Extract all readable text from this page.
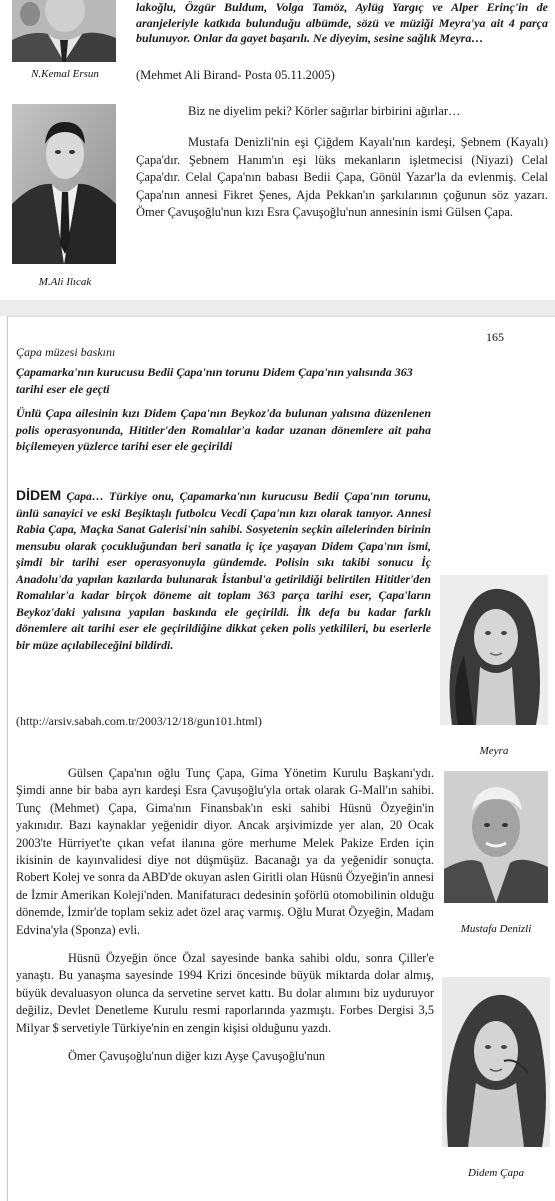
N.Kemal Ersun
M.Ali Ilıcak
lakoğlu, Özgür Buldum, Volga Tamöz, Aylüg Yargıç ve Alper Erinç'in de aranjeleriyle katkıda bulunduğu albümde, sözü ve müziği Meyra'ya ait 4 parça bulunuyor. Onlar da gayet başarılı. Ne diyeyim, sesine sağlık Meyra…
(Mehmet Ali Birand- Posta 05.11.2005)

Biz ne diyelim peki? Körler sağırlar birbirini ağırlar…

Mustafa Denizli'nin eşi Çiğdem Kayalı'nın kardeşi, Şebnem (Kayalı) Çapa'dır. Şebnem Hanım'ın eşi lüks mekanların işletmecisi (Niyazi) Celal Çapa'dır. Celal Çapa'nın babası Bedii Çapa, Gönül Yazar'la da evlenmiş. Celal Çapa'nın annesi Fikret Şenes, Ajda Pekkan'ın şarkılarının çoğunun söz yazarı. Ömer Çavuşoğlu'nun kızı Esra Çavuşoğlu'nun annesinin ismi Gülsen Çapa.

165
Çapa müzesi baskını
Çapamarka'nın kurucusu Bedii Çapa'nın torunu Didem Çapa'nın yalısında 363 tarihi eser ele geçti
Ünlü Çapa ailesinin kızı Didem Çapa'nın Beykoz'da bulunan yalısına düzenlenen polis operasyonunda, Hititler'den Romalılar'a kadar uzanan dönemlere ait paha biçilemeyen yüzlerce tarihi eser ele geçirildi
DİDEM Çapa… Türkiye onu, Çapamarka'nın kurucusu Bedii Çapa'nın torunu, ünlü sanayici ve eski Beşiktaşlı futbolcu Vecdi Çapa'nın kızı olarak tanıyor. Annesi Rabia Çapa, Maçka Sanat Galerisi'nin sahibi. Sosyetenin seçkin ailelerinden birinin mensubu olarak çocukluğundan beri sanatla iç içe yaşayan Didem Çapa'nın ismi, şimdi bir tarihi eser operasyonuyla gündemde. Polisin sıkı takibi sonucu İç Anadolu'da yapılan kazılarda bulunarak İstanbul'a getirildiği belirtilen Hititler'den Romalılar'a kadar birçok döneme ait toplam 363 parça tarihi eser, Çapa'ların Beykoz'daki yalısına yapılan baskında ele geçirildi. İlk defa bu kadar farklı dönemlere ait tarihi eser ele geçirildiğine dikkat çeken polis yetkilileri, bu eserlerle bir müze açılabileceğini bildirdi.
(http://arsiv.sabah.com.tr/2003/12/18/gun101.html)

Gülsen Çapa'nın oğlu Tunç Çapa, Gima Yönetim Kurulu Başkanı'ydı. Şimdi anne bir baba ayrı kardeşi Esra Çavuşoğlu'yla ortak olarak G-Mall'ın sahibi. Tunç (Mehmet) Çapa, Gima'nın Finansbak'ın eski sahibi Hüsnü Özyeğin'in yakınıdır. Bazı kaynaklar yeğenidir diyor. Ancak arşivimizde yer alan, 20 Ocak 2003'te Hürriyet'te çıkan vefat ilanına göre merhume Melek Pakize Erden için ikisinin de kayınvalidesi diye not düşmüşüz. Bacanağı ya da yeğenidir sonuçta. Robert Kolej ve sonra da ABD'de okuyan aslen Giritli olan Hüsnü Özyeğin'in annesi de İzmir Amerikan Koleji'nden. Manifaturacı dedesinin şoförlü otomobilinin olduğu dönemde, İzmir'de toplam sekiz adet özel araç varmış. Oğlu Murat Özyeğin, Madam Edvina'yla (Sponza) evli.

Hüsnü Özyeğin önce Özal sayesinde banka sahibi oldu, sonra Çiller'e yanaştı. Bu yanaşma sayesinde 1994 Krizi öncesinde büyük miktarda dolar almış, büyük devaluasyon olunca da servetine servet kattı. Bu dolar alımını biz uyduruyor değiliz, Devlet Denetleme Kurulu resmi raporlarında yazmıştı. Forbes Dergisi 3,5 Milyar $ servetiyle Türkiye'nin en zengin kişisi olduğunu yazdı.

Ömer Çavuşoğlu'nun diğer kızı Ayşe Çavuşoğlu'nun

Meyra
Mustafa Denizli
Didem Çapa
